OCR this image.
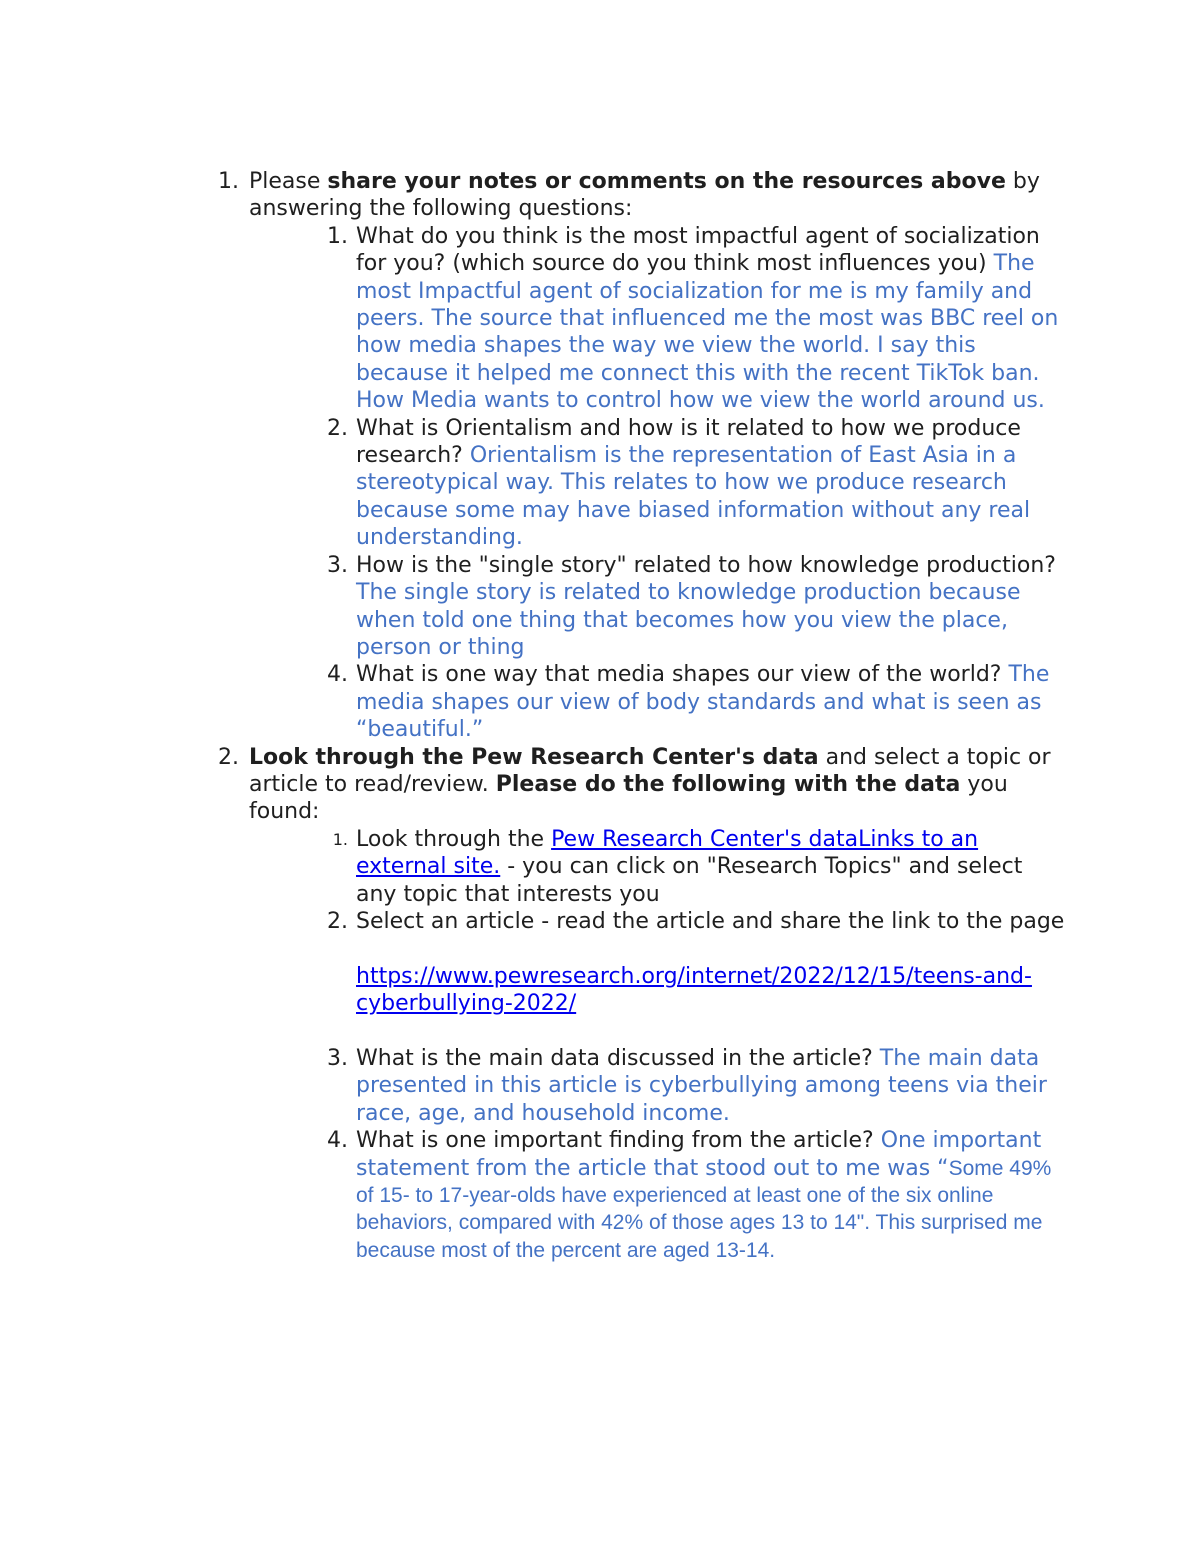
1. Please share your notes or comments on the resources above by answering the following questions:
1. What do you think is the most impactful agent of socialization for you? (which source do you think most influences you) The most Impactful agent of socialization for me is my family and peers. The source that influenced me the most was BBC reel on how media shapes the way we view the world. I say this because it helped me connect this with the recent TikTok ban. How Media wants to control how we view the world around us.
2. What is Orientalism and how is it related to how we produce research? Orientalism is the representation of East Asia in a stereotypical way. This relates to how we produce research because some may have biased information without any real understanding.
3. How is the "single story" related to how knowledge production? The single story is related to knowledge production because when told one thing that becomes how you view the place, person or thing
4. What is one way that media shapes our view of the world? The media shapes our view of body standards and what is seen as “beautiful.”
2. Look through the Pew Research Center's data and select a topic or article to read/review. Please do the following with the data you found:
1. Look through the Pew Research Center's dataLinks to an external site. - you can click on "Research Topics" and select any topic that interests you
2. Select an article - read the article and share the link to the page
https://www.pewresearch.org/internet/2022/12/15/teens-and-cyberbullying-2022/
3. What is the main data discussed in the article? The main data presented in this article is cyberbullying among teens via their race, age, and household income.
4. What is one important finding from the article? One important statement from the article that stood out to me was “Some 49% of 15- to 17-year-olds have experienced at least one of the six online behaviors, compared with 42% of those ages 13 to 14". This surprised me because most of the percent are aged 13-14.
